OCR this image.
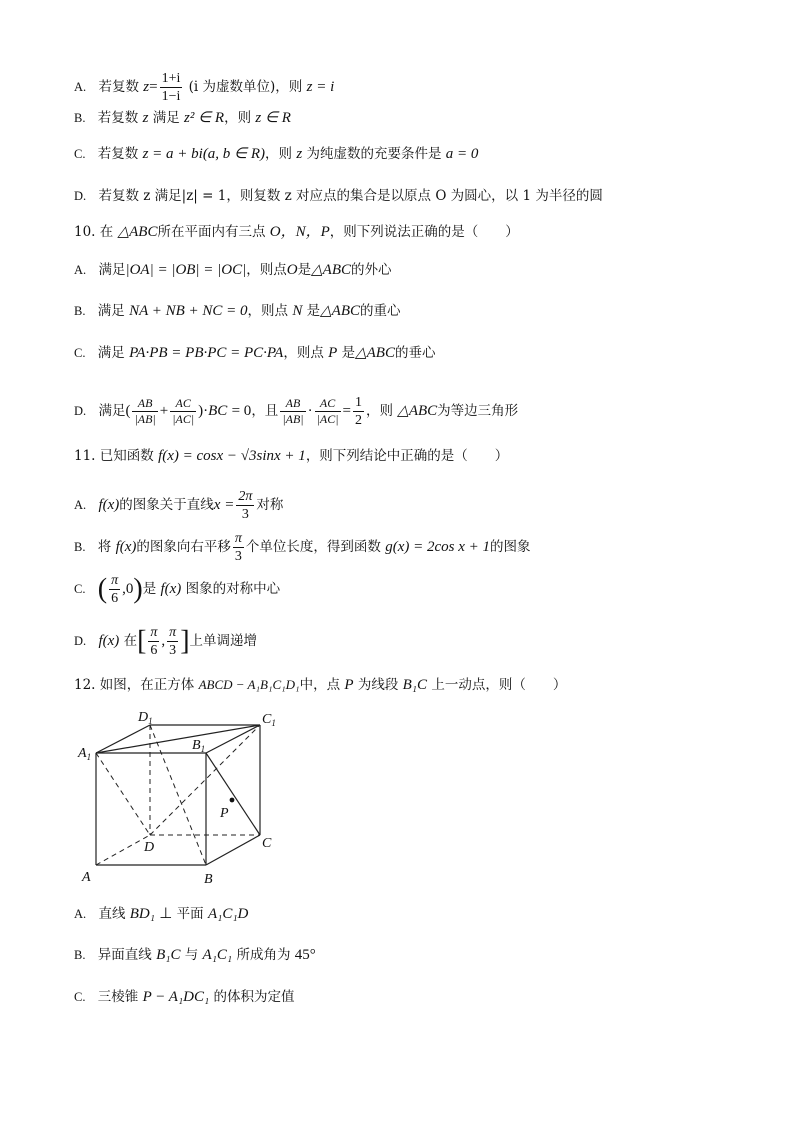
A. 若复数 $z= \frac{1+i}{1-i} (i$ 为虚数单位)，则 z = i
B. 若复数 z 满足 z² ∈ R，则 z ∈ R
C. 若复数 z = a + bi(a, b ∈ R)，则 z 为纯虚数的充要条件是 a = 0
D. 若复数 z 满足|z| = 1，则复数 z 对应点的集合是以原点 O 为圆心，以 1 为半径的圆
10. 在 △ABC所在平面内有三点 O，N，P，则下列说法正确的是（　　）
A. 满足|OA| = |OB| = |OC|，则点O是△ABC的外心
B. 满足 NA + NB + NC = 0，则点 N 是△ABC的重心
C. 满足 PA·PB = PB·PC = PC·PA，则点 P 是△ABC的垂心
D. 满足( $\frac{AB}{|AB|} + \frac{AC}{|AC|} )\cdot BC = 0$，且 $\frac{AB}{|AB|} \cdot \frac{AC}{|AC|} = \frac{1}{2}$ ，则 △ABC为等边三角形
11. 已知函数 f(x) = cosx − √3sinx + 1，则下列结论中正确的是（　　）
A. f(x)的图象关于直线$x = \frac{2\pi}{3}$ 对称
B. 将 f(x)的图象向右平移 $\frac{\pi}{3}$ 个单位长度，得到函数 g(x) = 2cos x + 1的图象
C. ( $\frac{\pi}{6} ,0$)是 f(x) 图象的对称中心
D. f(x) 在[ $\frac{\pi}{6}$ , $\frac{\pi}{3}$ ]上单调递增
12. 如图，在正方体 ABCD − A₁B₁C₁D₁中，点 P 为线段 B₁C 上一动点，则（　　）
$A_1$
$D_1$
$B_1$
$C_1$
D	C
A	B
P
A. 直线 BD₁ ⊥ 平面 A₁C₁D
B. 异面直线 B₁C 与 A₁C₁ 所成角为 45°
C. 三棱锥 P − A₁DC₁ 的体积为定值
